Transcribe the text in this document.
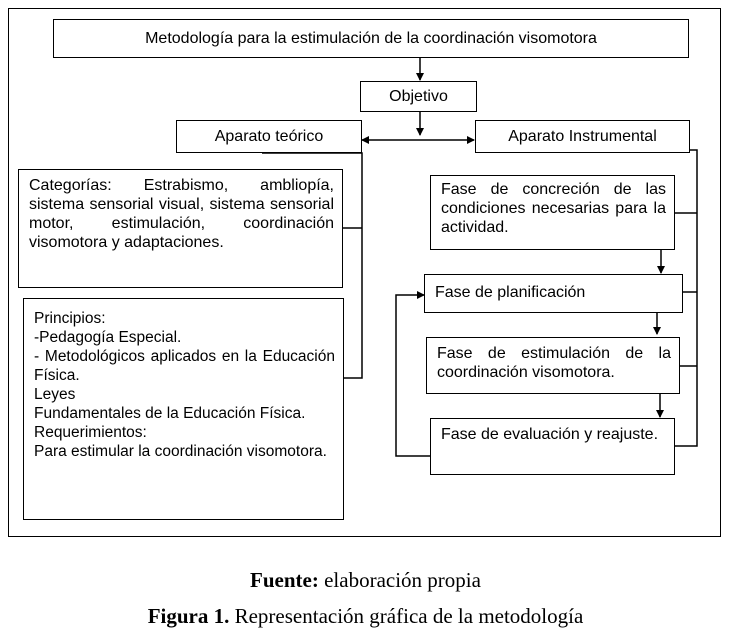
Metodología para la estimulación de la coordinación visomotora
Objetivo
Aparato teórico	Aparato Instrumental
Categorías: Estrabismo, ambliopía, sistema sensorial visual, sistema sensorial motor, estimulación, coordinación visomotora y adaptaciones.
Principios:
-Pedagogía Especial.
- Metodológicos aplicados en la Educación Física.
Leyes
Fundamentales de la Educación Física.
Requerimientos:
Para estimular la coordinación visomotora.
Fase de concreción de las condiciones necesarias para la actividad.
Fase de planificación
Fase de estimulación de la coordinación visomotora.
Fase de evaluación y reajuste.
Fuente: elaboración propia
Figura 1. Representación gráfica de la metodología
